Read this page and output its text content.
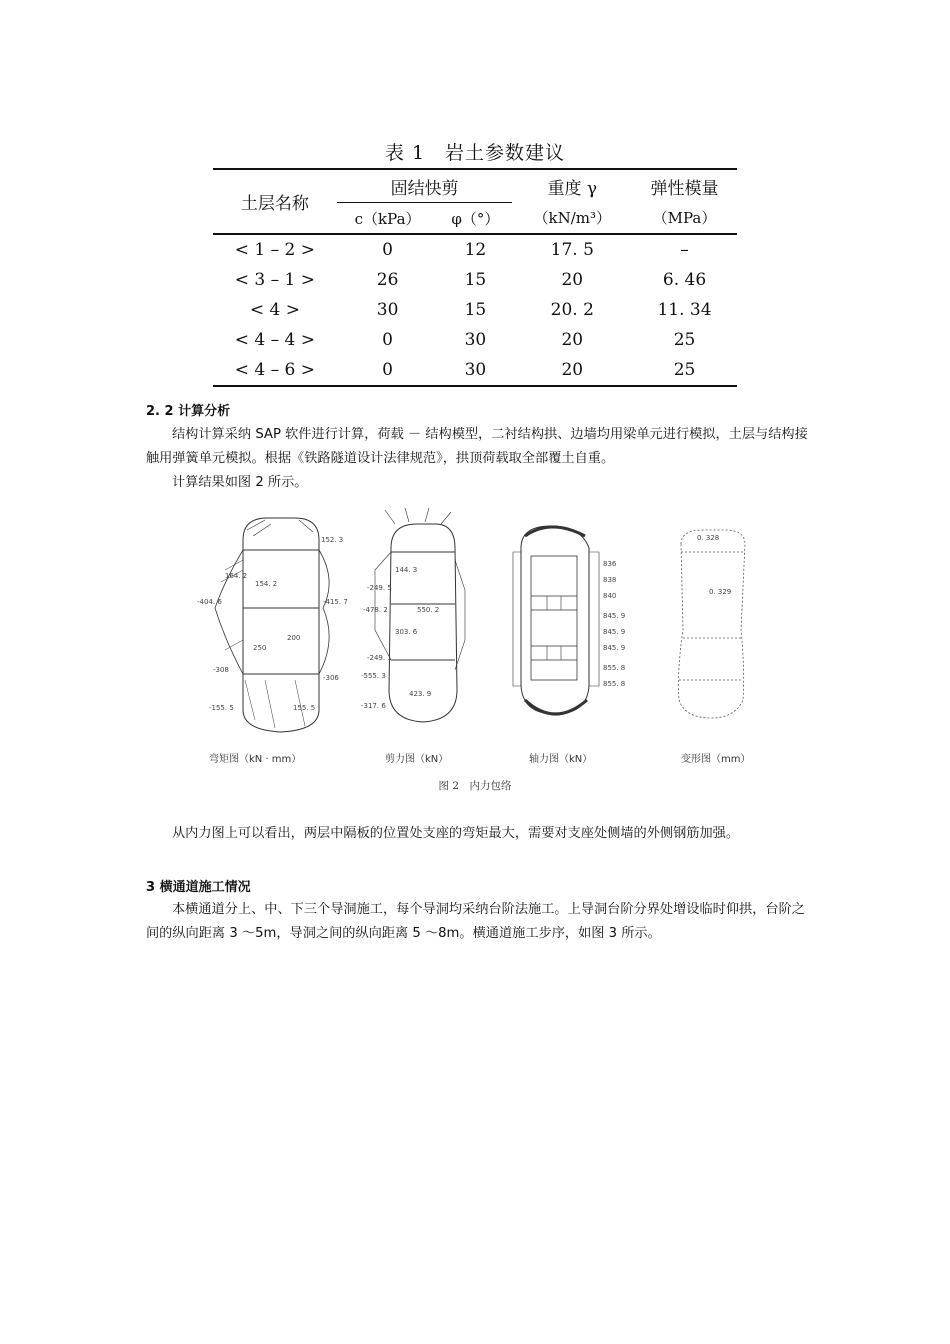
表 1　岩土参数建议
土层名称	固结快剪		重度 γ	弹性模量
	c（kPa）	φ（°）	（kN/m³）	（MPa）
< 1 – 2 >	0	12	17. 5	–
< 3 – 1 >	26	15	20	6. 46
< 4 >	30	15	20. 2	11. 34
< 4 – 4 >	0	30	20	25
< 4 – 6 >	0	30	20	25
2. 2 计算分析
结构计算采纳 SAP 软件进行计算，荷载 － 结构模型，二衬结构拱、边墙均用梁单元进行模拟，土层与结构接触用弹簧单元模拟。根据《铁路隧道设计法律规范》，拱顶荷载取全部覆土自重。
计算结果如图 2 所示。
152. 3
164. 2
154. 2
-404. 6	-415. 7
200
250
-308
-306
-155. 5	155. 5
弯矩图（kN · mm）
144. 3
-249. 5
-478. 2	550. 2
303. 6
-249. 1
-555. 3
-317. 6
423. 9
剪力图（kN）
836
838
840
845. 9
845. 9
845. 9
855. 8
855. 8
轴力图（kN）
0. 328
0. 329
变形图（mm）
图 2　内力包络
从内力图上可以看出，两层中隔板的位置处支座的弯矩最大，需要对支座处侧墙的外侧钢筋加强。
3 横通道施工情况
本横通道分上、中、下三个导洞施工，每个导洞均采纳台阶法施工。上导洞台阶分界处增设临时仰拱，台阶之间的纵向距离 3 ～5m，导洞之间的纵向距离 5 ～8m。横通道施工步序，如图 3 所示。
